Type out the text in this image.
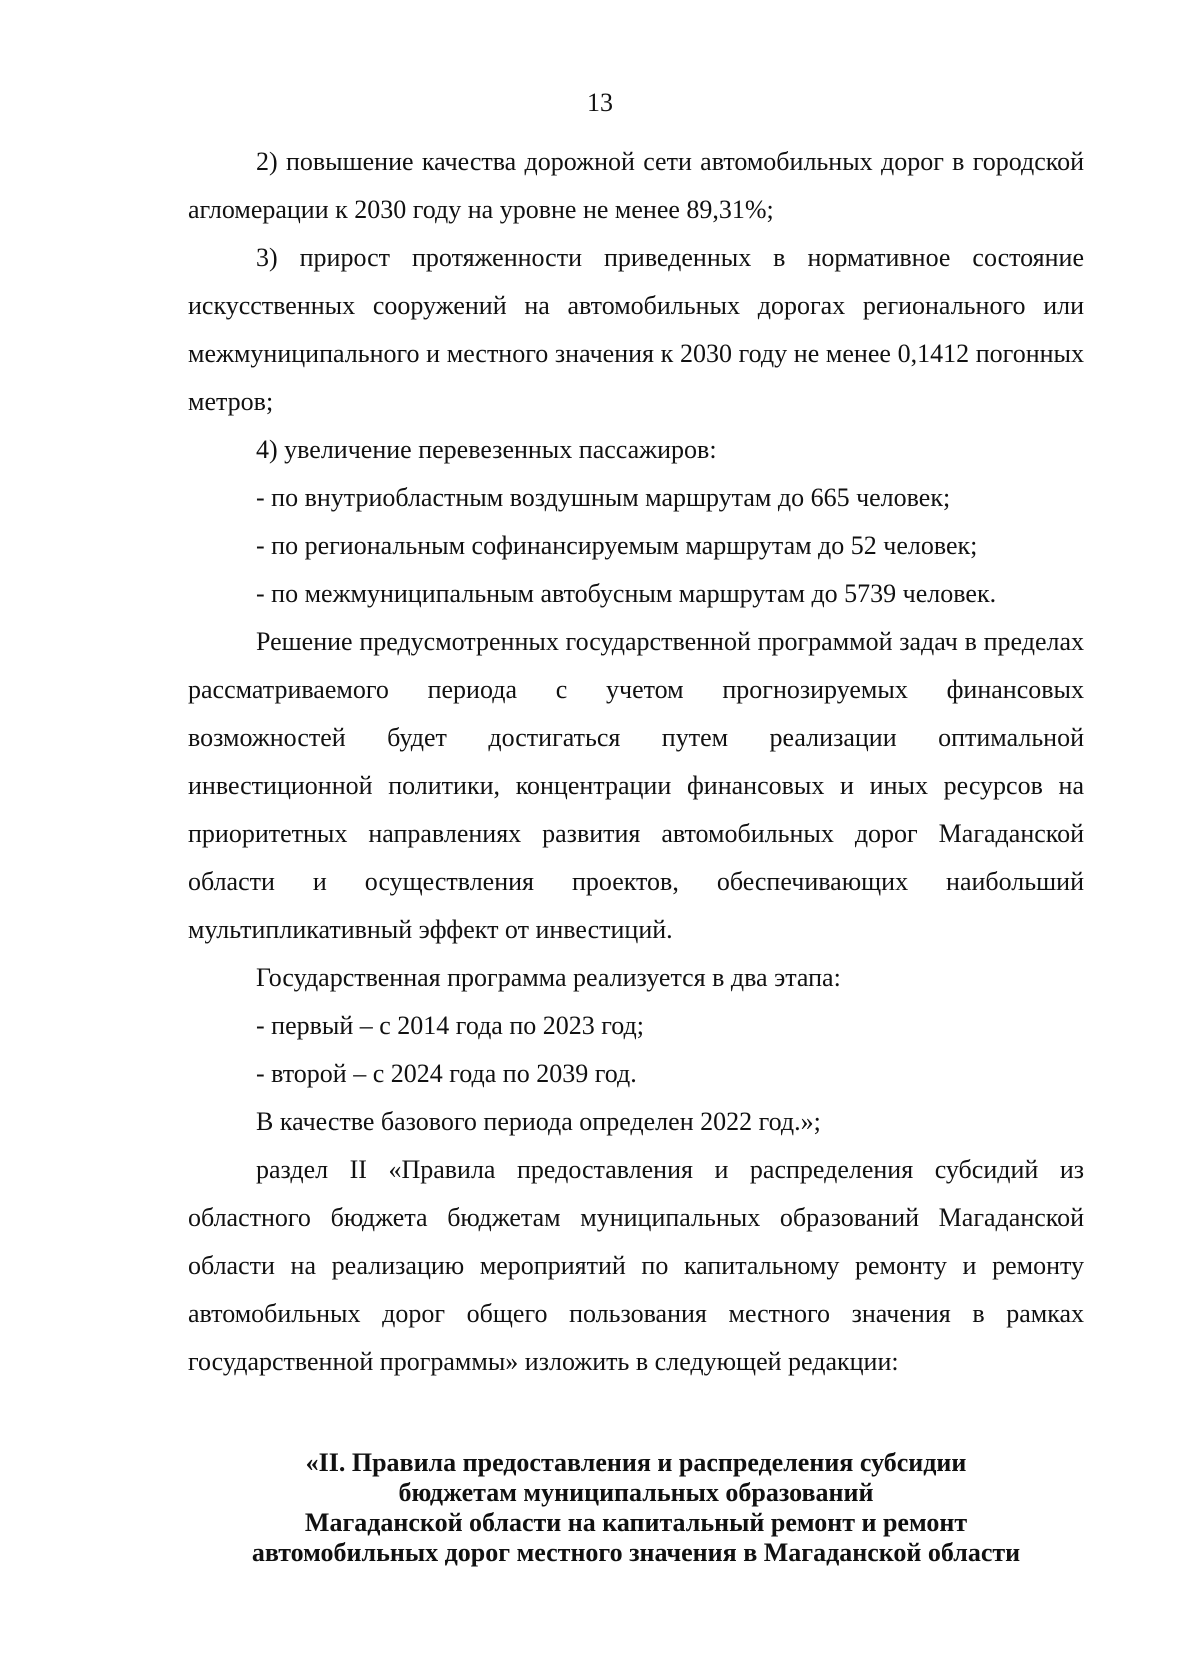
13

2) повышение качества дорожной сети автомобильных дорог в городской агломерации к 2030 году на уровне не менее 89,31%;

3) прирост протяженности приведенных в нормативное состояние искусственных сооружений на автомобильных дорогах регионального или межмуниципального и местного значения к 2030 году не менее 0,1412 погонных метров;

4) увеличение перевезенных пассажиров:

- по внутриобластным воздушным маршрутам до 665 человек;

- по региональным софинансируемым маршрутам до 52 человек;

- по межмуниципальным автобусным маршрутам до 5739 человек.

Решение предусмотренных государственной программой задач в пределах рассматриваемого периода с учетом прогнозируемых финансовых возможностей будет достигаться путем реализации оптимальной инвестиционной политики, концентрации финансовых и иных ресурсов на приоритетных направлениях развития автомобильных дорог Магаданской области и осуществления проектов, обеспечивающих наибольший мультипликативный эффект от инвестиций.

Государственная программа реализуется в два этапа:

- первый – с 2014 года по 2023 год;

- второй – с 2024 года по 2039 год.

В качестве базового периода определен 2022 год.»;

раздел II «Правила предоставления и распределения субсидий из областного бюджета бюджетам муниципальных образований Магаданской области на реализацию мероприятий по капитальному ремонту и ремонту автомобильных дорог общего пользования местного значения в рамках государственной программы» изложить в следующей редакции:

«II. Правила предоставления и распределения субсидии
бюджетам муниципальных образований
Магаданской области на капитальный ремонт и ремонт
автомобильных дорог местного значения в Магаданской области
